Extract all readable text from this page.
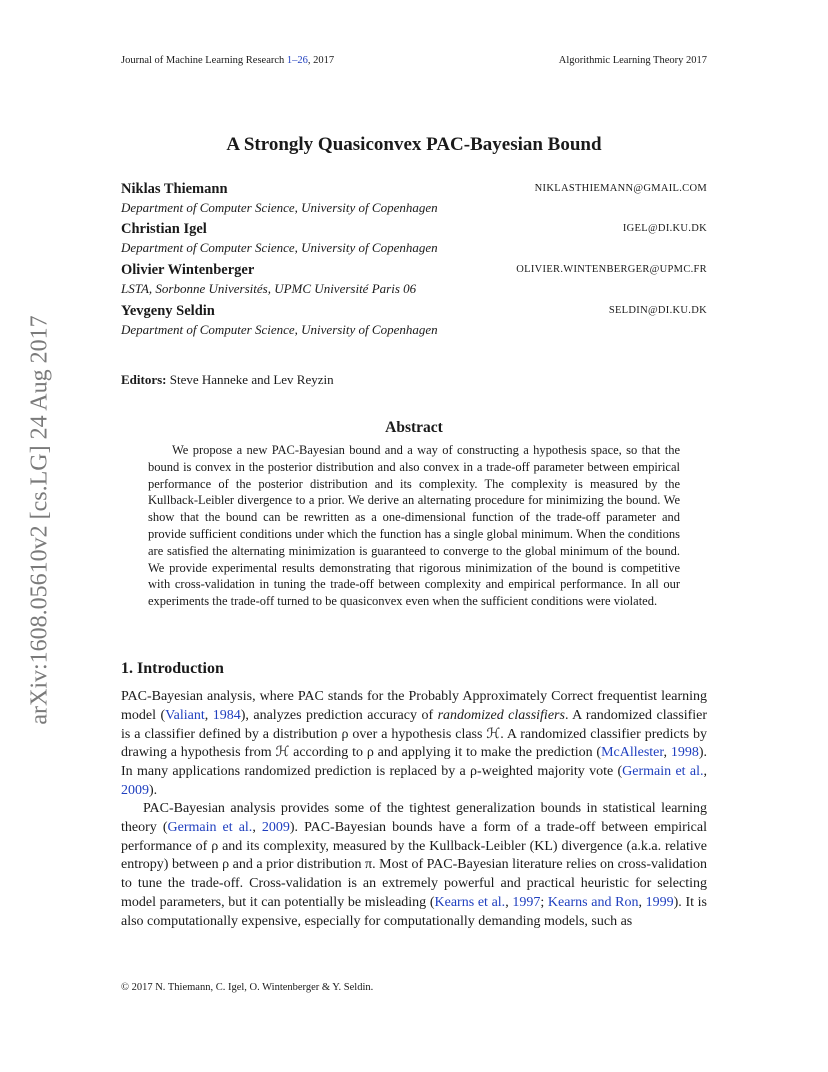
Journal of Machine Learning Research 1–26, 2017	Algorithmic Learning Theory 2017
arXiv:1608.05610v2 [cs.LG] 24 Aug 2017
A Strongly Quasiconvex PAC-Bayesian Bound
Niklas Thiemann	NIKLASTHIEMANN@GMAIL.COM
Department of Computer Science, University of Copenhagen
Christian Igel	IGEL@DI.KU.DK
Department of Computer Science, University of Copenhagen
Olivier Wintenberger	OLIVIER.WINTENBERGER@UPMC.FR
LSTA, Sorbonne Universités, UPMC Université Paris 06
Yevgeny Seldin	SELDIN@DI.KU.DK
Department of Computer Science, University of Copenhagen
Editors: Steve Hanneke and Lev Reyzin
Abstract
We propose a new PAC-Bayesian bound and a way of constructing a hypothesis space, so that the bound is convex in the posterior distribution and also convex in a trade-off parameter between empirical performance of the posterior distribution and its complexity. The complexity is measured by the Kullback-Leibler divergence to a prior. We derive an alternating procedure for minimizing the bound. We show that the bound can be rewritten as a one-dimensional function of the trade-off parameter and provide sufficient conditions under which the function has a single global minimum. When the conditions are satisfied the alternating minimization is guaranteed to converge to the global minimum of the bound. We provide experimental results demonstrating that rigorous minimization of the bound is competitive with cross-validation in tuning the trade-off between complexity and empirical performance. In all our experiments the trade-off turned to be quasiconvex even when the sufficient conditions were violated.
1. Introduction
PAC-Bayesian analysis, where PAC stands for the Probably Approximately Correct frequentist learning model (Valiant, 1984), analyzes prediction accuracy of randomized classifiers. A randomized classifier is a classifier defined by a distribution ρ over a hypothesis class ℋ. A randomized classifier predicts by drawing a hypothesis from ℋ according to ρ and applying it to make the prediction (McAllester, 1998). In many applications randomized prediction is replaced by a ρ-weighted majority vote (Germain et al., 2009).
PAC-Bayesian analysis provides some of the tightest generalization bounds in statistical learning theory (Germain et al., 2009). PAC-Bayesian bounds have a form of a trade-off between empirical performance of ρ and its complexity, measured by the Kullback-Leibler (KL) divergence (a.k.a. relative entropy) between ρ and a prior distribution π. Most of PAC-Bayesian literature relies on cross-validation to tune the trade-off. Cross-validation is an extremely powerful and practical heuristic for selecting model parameters, but it can potentially be misleading (Kearns et al., 1997; Kearns and Ron, 1999). It is also computationally expensive, especially for computationally demanding models, such as
© 2017 N. Thiemann, C. Igel, O. Wintenberger & Y. Seldin.
